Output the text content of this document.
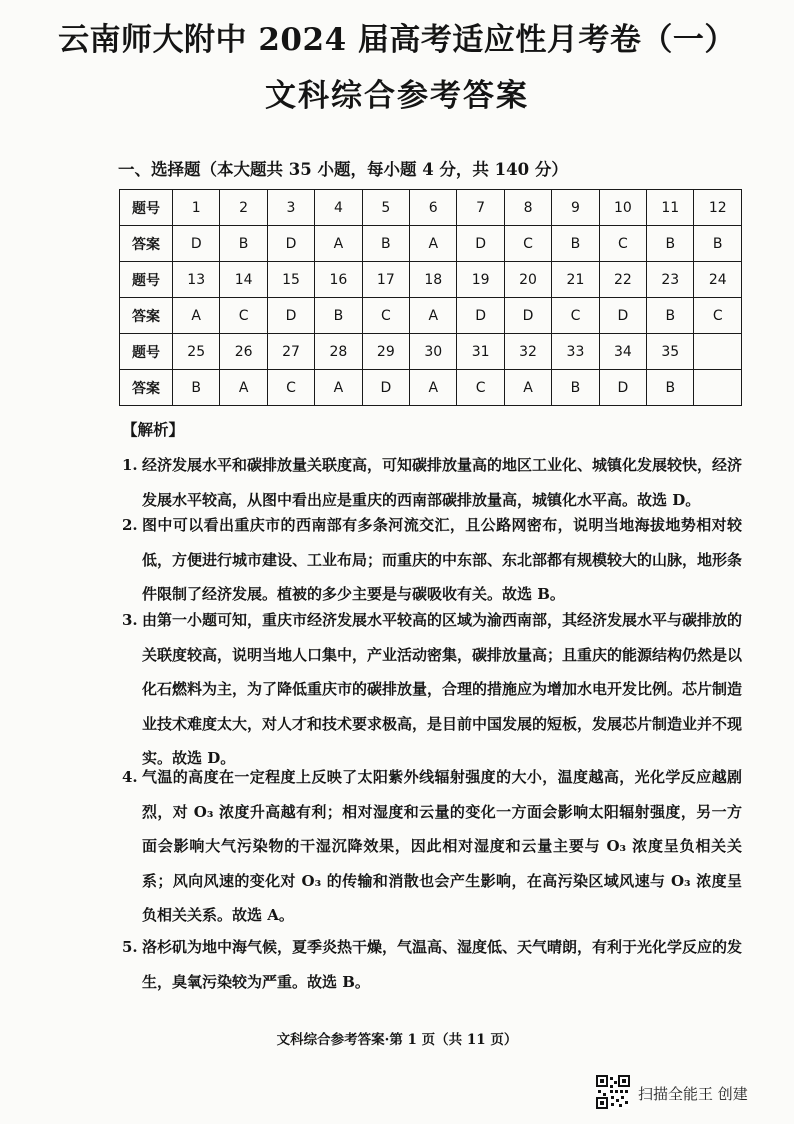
云南师大附中 2024 届高考适应性月考卷（一）
文科综合参考答案
一、选择题（本大题共 35 小题，每小题 4 分，共 140 分）
题号	1	2	3	4	5	6	7	8	9	10	11	12
答案	D	B	D	A	B	A	D	C	B	C	B	B
题号	13	14	15	16	17	18	19	20	21	22	23	24
答案	A	C	D	B	C	A	D	D	C	D	B	C
题号	25	26	27	28	29	30	31	32	33	34	35	
答案	B	A	C	A	D	A	C	A	B	D	B	
【解析】
1. 经济发展水平和碳排放量关联度高，可知碳排放量高的地区工业化、城镇化发展较快，经济发展水平较高，从图中看出应是重庆的西南部碳排放量高，城镇化水平高。故选 D。
2. 图中可以看出重庆市的西南部有多条河流交汇，且公路网密布，说明当地海拔地势相对较低，方便进行城市建设、工业布局；而重庆的中东部、东北部都有规模较大的山脉，地形条件限制了经济发展。植被的多少主要是与碳吸收有关。故选 B。
3. 由第一小题可知，重庆市经济发展水平较高的区域为渝西南部，其经济发展水平与碳排放的关联度较高，说明当地人口集中，产业活动密集，碳排放量高；且重庆的能源结构仍然是以化石燃料为主，为了降低重庆市的碳排放量，合理的措施应为增加水电开发比例。芯片制造业技术难度太大，对人才和技术要求极高，是目前中国发展的短板，发展芯片制造业并不现实。故选 D。
4. 气温的高度在一定程度上反映了太阳紫外线辐射强度的大小，温度越高，光化学反应越剧烈，对 O₃ 浓度升高越有利；相对湿度和云量的变化一方面会影响太阳辐射强度，另一方面会影响大气污染物的干湿沉降效果，因此相对湿度和云量主要与 O₃ 浓度呈负相关关系；风向风速的变化对 O₃ 的传输和消散也会产生影响，在高污染区域风速与 O₃ 浓度呈负相关关系。故选 A。
5. 洛杉矶为地中海气候，夏季炎热干燥，气温高、湿度低、天气晴朗，有利于光化学反应的发生，臭氧污染较为严重。故选 B。
文科综合参考答案·第 1 页（共 11 页）
扫描全能王 创建
